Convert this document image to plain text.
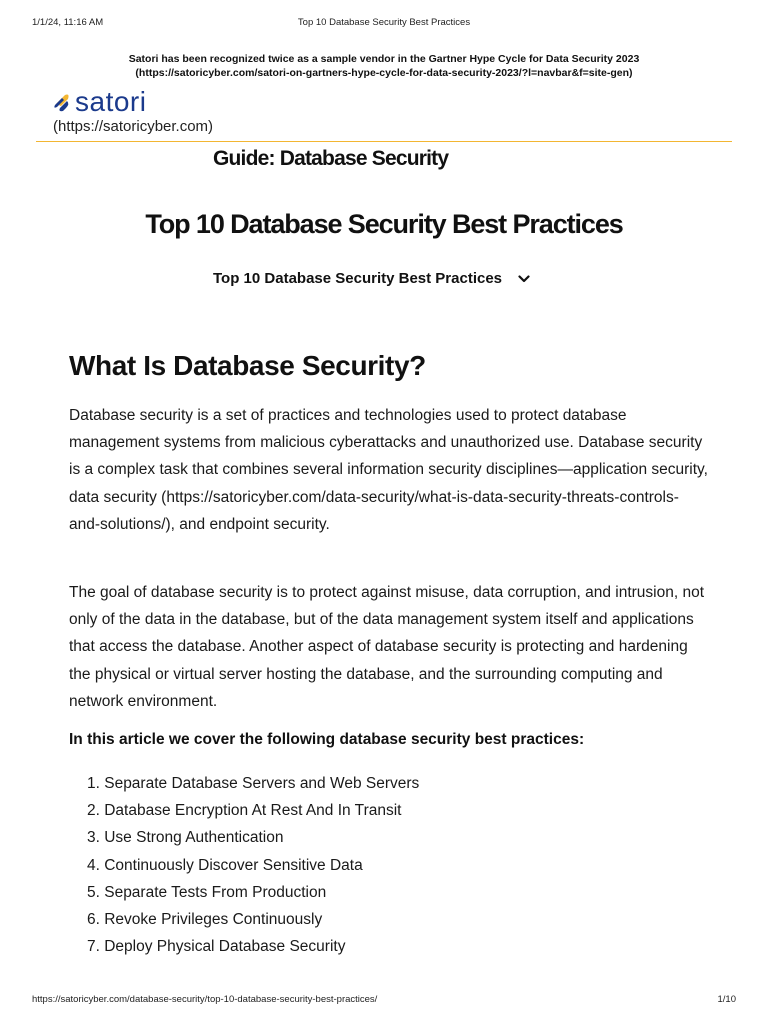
1/1/24, 11:16 AM	Top 10 Database Security Best Practices
Satori has been recognized twice as a sample vendor in the Gartner Hype Cycle for Data Security 2023
(https://satoricyber.com/satori-on-gartners-hype-cycle-for-data-security-2023/?l=navbar&f=site-gen)
satori
(https://satoricyber.com)
Guide: Database Security
Top 10 Database Security Best Practices
Top 10 Database Security Best Practices
What Is Database Security?
Database security is a set of practices and technologies used to protect database management systems from malicious cyberattacks and unauthorized use. Database security is a complex task that combines several information security disciplines—application security, data security (https://satoricyber.com/data-security/what-is-data-security-threats-controls-and-solutions/), and endpoint security.
The goal of database security is to protect against misuse, data corruption, and intrusion, not only of the data in the database, but of the data management system itself and applications that access the database. Another aspect of database security is protecting and hardening the physical or virtual server hosting the database, and the surrounding computing and network environment.
In this article we cover the following database security best practices:
1. Separate Database Servers and Web Servers
2. Database Encryption At Rest And In Transit
3. Use Strong Authentication
4. Continuously Discover Sensitive Data
5. Separate Tests From Production
6. Revoke Privileges Continuously
7. Deploy Physical Database Security
https://satoricyber.com/database-security/top-10-database-security-best-practices/	1/10
